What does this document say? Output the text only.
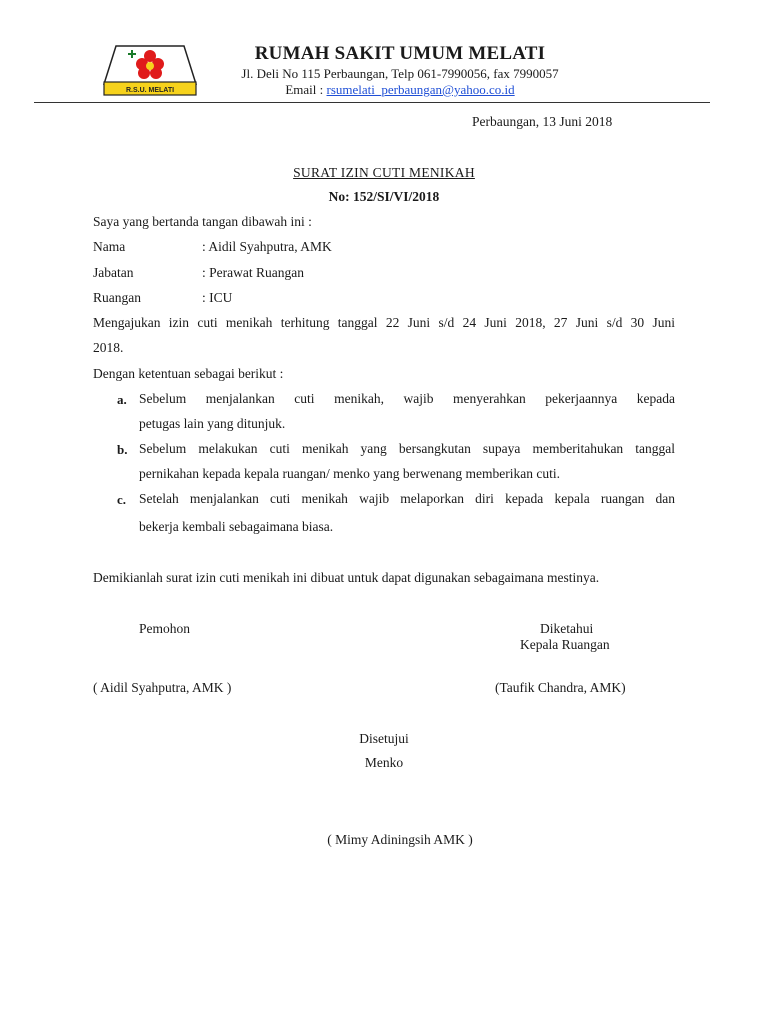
R.S.U. MELATI
RUMAH SAKIT UMUM MELATI
Jl. Deli No 115 Perbaungan, Telp 061-7990056, fax 7990057
Email : rsumelati_perbaungan@yahoo.co.id
Perbaungan, 13 Juni 2018
SURAT IZIN CUTI MENIKAH
No: 152/SI/VI/2018
Saya yang bertanda tangan dibawah ini :
Nama	: Aidil Syahputra, AMK
Jabatan	: Perawat Ruangan
Ruangan	: ICU
Mengajukan izin cuti menikah terhitung tanggal 22 Juni s/d 24 Juni 2018, 27 Juni s/d 30 Juni
2018.
Dengan ketentuan sebagai berikut :
a. Sebelum menjalankan cuti menikah, wajib menyerahkan pekerjaannya kepada
petugas lain yang ditunjuk.
b. Sebelum melakukan cuti menikah yang bersangkutan supaya memberitahukan tanggal
pernikahan kepada kepala ruangan/ menko yang berwenang memberikan cuti.
c. Setelah menjalankan cuti menikah wajib melaporkan diri kepada kepala ruangan dan
bekerja kembali sebagaimana biasa.
Demikianlah surat izin cuti menikah ini dibuat untuk dapat digunakan sebagaimana mestinya.
Pemohon	Diketahui
Kepala Ruangan
( Aidil Syahputra, AMK )	(Taufik Chandra, AMK)
Disetujui
Menko
( Mimy Adiningsih AMK )
